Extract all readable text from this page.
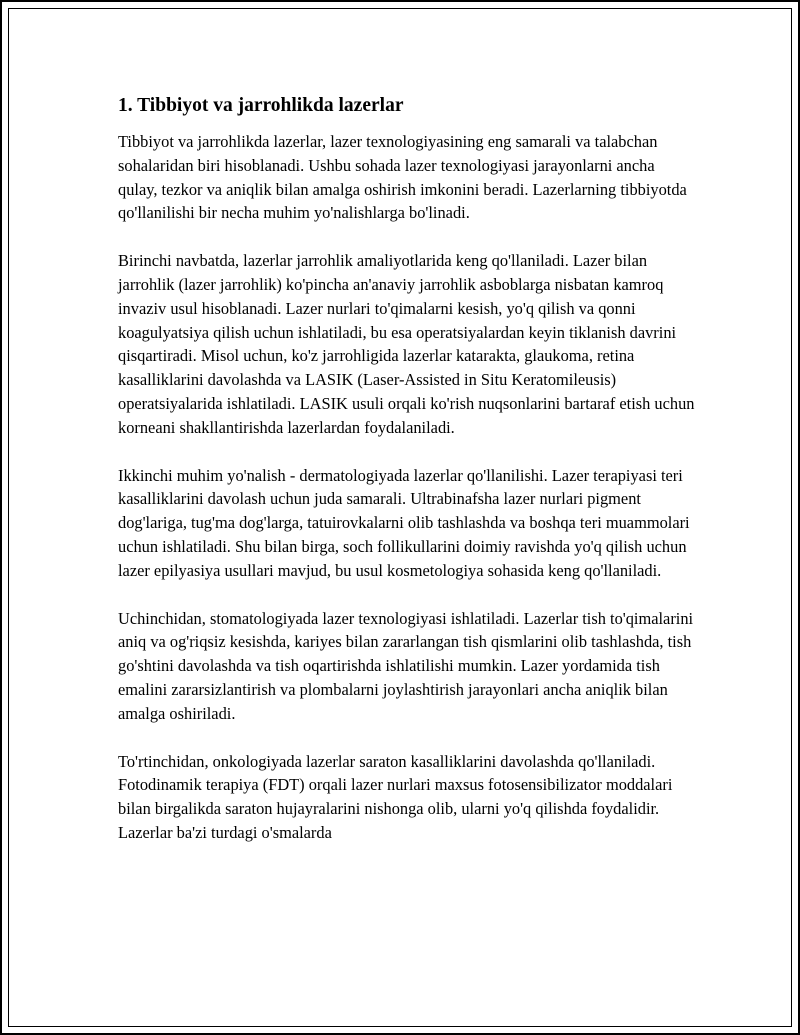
1. Tibbiyot va jarrohlikda lazerlar

Tibbiyot va jarrohlikda lazerlar, lazer texnologiyasining eng samarali va talabchan sohalaridan biri hisoblanadi. Ushbu sohada lazer texnologiyasi jarayonlarni ancha qulay, tezkor va aniqlik bilan amalga oshirish imkonini beradi. Lazerlarning tibbiyotda qo'llanilishi bir necha muhim yo'nalishlarga bo'linadi.

Birinchi navbatda, lazerlar jarrohlik amaliyotlarida keng qo'llaniladi. Lazer bilan jarrohlik (lazer jarrohlik) ko'pincha an'anaviy jarrohlik asboblarga nisbatan kamroq invaziv usul hisoblanadi. Lazer nurlari to'qimalarni kesish, yo'q qilish va qonni koagulyatsiya qilish uchun ishlatiladi, bu esa operatsiyalardan keyin tiklanish davrini qisqartiradi. Misol uchun, ko'z jarrohligida lazerlar katarakta, glaukoma, retina kasalliklarini davolashda va LASIK (Laser-Assisted in Situ Keratomileusis) operatsiyalarida ishlatiladi. LASIK usuli orqali ko'rish nuqsonlarini bartaraf etish uchun korneani shakllantirishda lazerlardan foydalaniladi.

Ikkinchi muhim yo'nalish - dermatologiyada lazerlar qo'llanilishi. Lazer terapiyasi teri kasalliklarini davolash uchun juda samarali. Ultrabinafsha lazer nurlari pigment dog'lariga, tug'ma dog'larga, tatuirovkalarni olib tashlashda va boshqa teri muammolari uchun ishlatiladi. Shu bilan birga, soch follikullarini doimiy ravishda yo'q qilish uchun lazer epilyasiya usullari mavjud, bu usul kosmetologiya sohasida keng qo'llaniladi.

Uchinchidan, stomatologiyada lazer texnologiyasi ishlatiladi. Lazerlar tish to'qimalarini aniq va og'riqsiz kesishda, kariyes bilan zararlangan tish qismlarini olib tashlashda, tish go'shtini davolashda va tish oqartirishda ishlatilishi mumkin. Lazer yordamida tish emalini zararsizlantirish va plombalarni joylashtirish jarayonlari ancha aniqlik bilan amalga oshiriladi.

To'rtinchidan, onkologiyada lazerlar saraton kasalliklarini davolashda qo'llaniladi. Fotodinamik terapiya (FDT) orqali lazer nurlari maxsus fotosensibilizator moddalari bilan birgalikda saraton hujayralarini nishonga olib, ularni yo'q qilishda foydalidir. Lazerlar ba'zi turdagi o'smalarda
